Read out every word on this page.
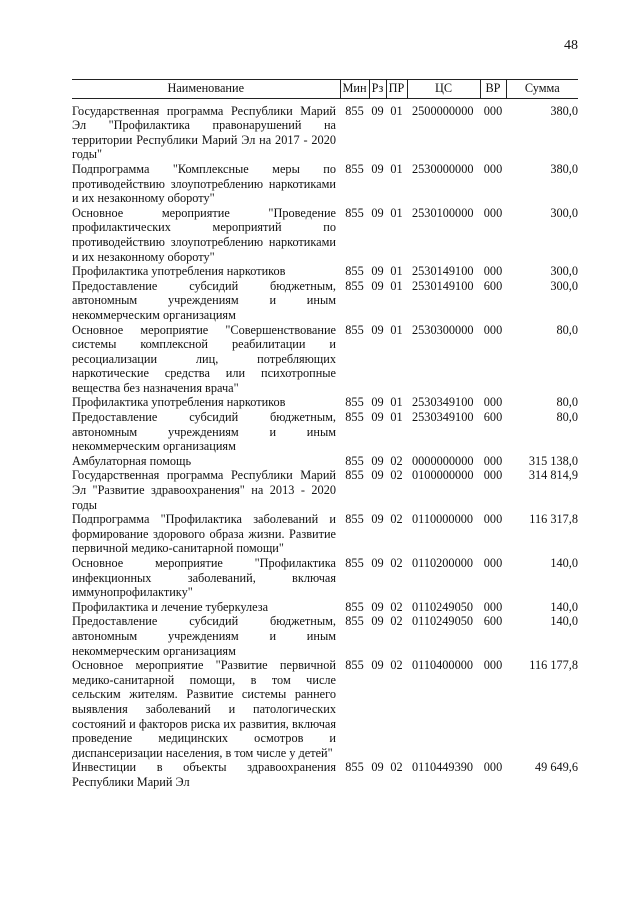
48
Наименование	Мин	Рз	ПР	ЦС	ВР	Сумма
Государственная программа Республики Марий Эл "Профилактика правонарушений на территории Республики Марий Эл на 2017 - 2020 годы"	855	09	01	2500000000	000	380,0
Подпрограмма "Комплексные меры по противодействию злоупотреблению наркотиками и их незаконному обороту"	855	09	01	2530000000	000	380,0
Основное мероприятие "Проведение профилактических мероприятий по противодействию злоупотреблению наркотиками и их незаконному обороту"	855	09	01	2530100000	000	300,0
Профилактика употребления наркотиков	855	09	01	2530149100	000	300,0
Предоставление субсидий бюджетным, автономным учреждениям и иным некоммерческим организациям	855	09	01	2530149100	600	300,0
Основное мероприятие "Совершенствование системы комплексной реабилитации и ресоциализации лиц, потребляющих наркотические средства или психотропные вещества без назначения врача"	855	09	01	2530300000	000	80,0
Профилактика употребления наркотиков	855	09	01	2530349100	000	80,0
Предоставление субсидий бюджетным, автономным учреждениям и иным некоммерческим организациям	855	09	01	2530349100	600	80,0
Амбулаторная помощь	855	09	02	0000000000	000	315 138,0
Государственная программа Республики Марий Эл "Развитие здравоохранения" на 2013 - 2020 годы	855	09	02	0100000000	000	314 814,9
Подпрограмма "Профилактика заболеваний и формирование здорового образа жизни. Развитие первичной медико-санитарной помощи"	855	09	02	0110000000	000	116 317,8
Основное мероприятие "Профилактика инфекционных заболеваний, включая иммунопрофилактику"	855	09	02	0110200000	000	140,0
Профилактика и лечение туберкулеза	855	09	02	0110249050	000	140,0
Предоставление субсидий бюджетным, автономным учреждениям и иным некоммерческим организациям	855	09	02	0110249050	600	140,0
Основное мероприятие "Развитие первичной медико-санитарной помощи, в том числе сельским жителям. Развитие системы раннего выявления заболеваний и патологических состояний и факторов риска их развития, включая проведение медицинских осмотров и диспансеризации населения, в том числе у детей"	855	09	02	0110400000	000	116 177,8
Инвестиции в объекты здравоохранения Республики Марий Эл	855	09	02	0110449390	000	49 649,6
